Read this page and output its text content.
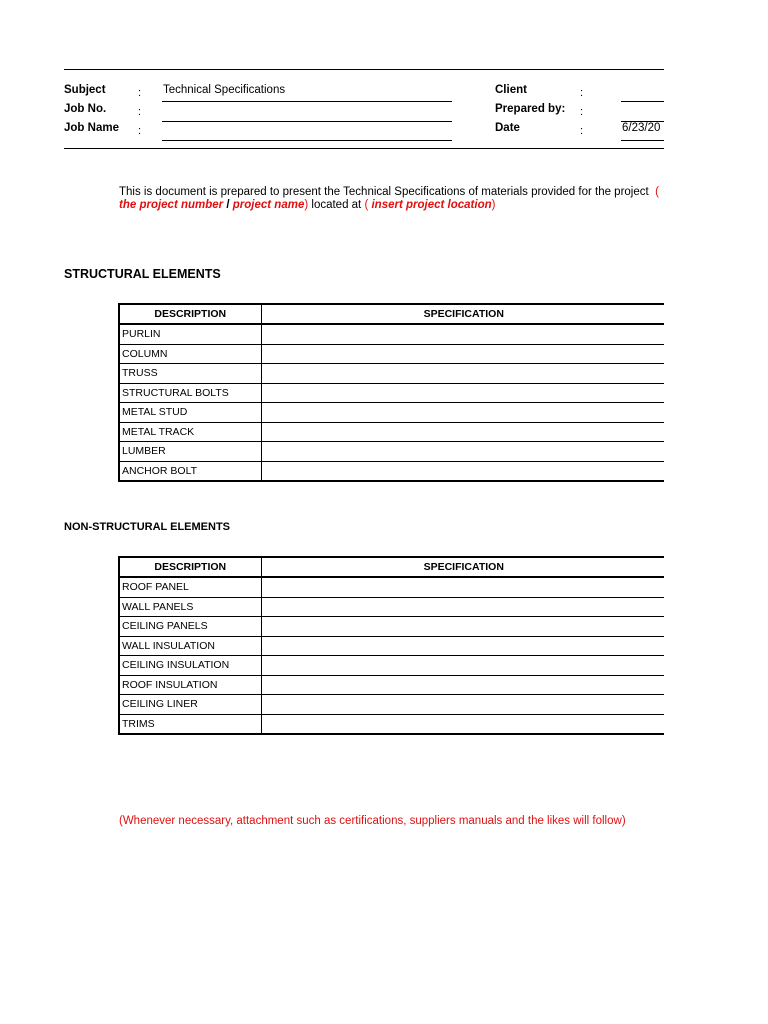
Subject	: Technical Specifications
Job No.	:
Job Name :
Client	:
Prepared by: :
Date	:	6/23/20
This is document is prepared to present the Technical Specifications of materials provided for the project (
the project number / project name) located at ( insert project location)
STRUCTURAL ELEMENTS
DESCRIPTION	SPECIFICATION
PURLIN	
COLUMN	
TRUSS	
STRUCTURAL BOLTS	
METAL STUD	
METAL TRACK	
LUMBER	
ANCHOR BOLT	
NON-STRUCTURAL ELEMENTS
DESCRIPTION	SPECIFICATION
ROOF PANEL	
WALL PANELS	
CEILING PANELS	
WALL INSULATION	
CEILING INSULATION	
ROOF INSULATION	
CEILING LINER	
TRIMS	
(Whenever necessary, attachment such as certifications, suppliers manuals and the likes will follow)
